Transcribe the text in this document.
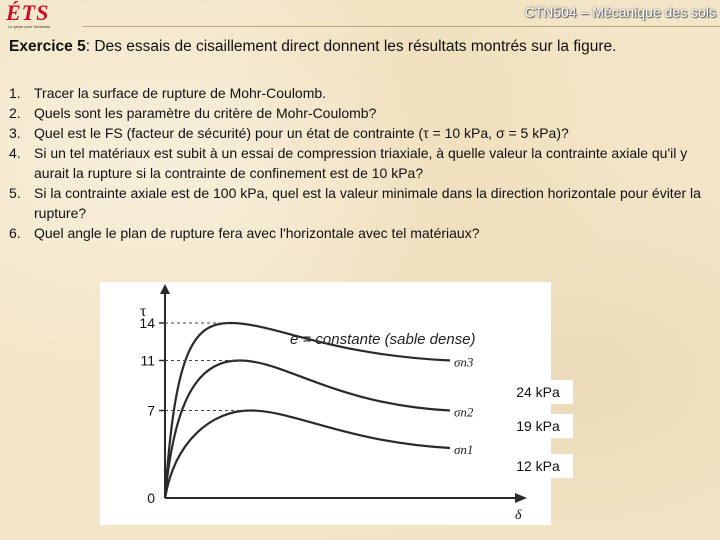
ÉTS
Le génie pour l'industrie
CTN504 – Mécanique des sols
Exercice 5: Des essais de cisaillement direct donnent les résultats montrés sur la figure.
1. Tracer la surface de rupture de Mohr-Coulomb.
2. Quels sont les paramètre du critère de Mohr-Coulomb?
3. Quel est le FS (facteur de sécurité) pour un état de contrainte (τ = 10 kPa, σ = 5 kPa)?
4. Si un tel matériaux est subit à un essai de compression triaxiale, à quelle valeur la contrainte axiale qu'il y aurait la rupture si la contrainte de confinement est de 10 kPa?
5. Si la contrainte axiale est de 100 kPa, quel est la valeur minimale dans la direction horizontale pour éviter la rupture?
6. Quel angle le plan de rupture fera avec l'horizontale avec tel matériaux?
0
7
11
14
τ
δ
e = constante (sable dense)
σn3
σn2
σn1
24 kPa
19 kPa
12 kPa
